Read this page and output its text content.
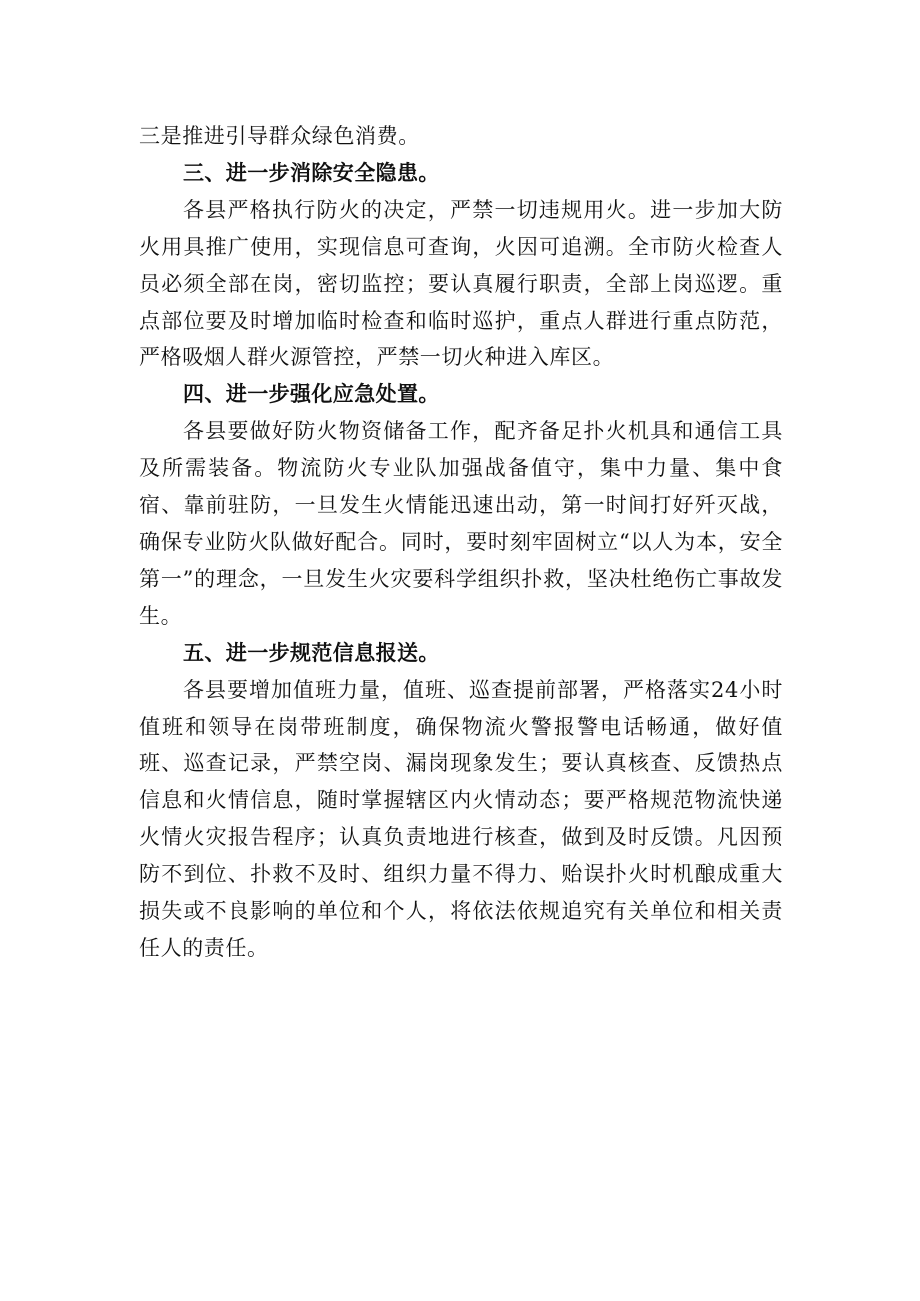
三是推进引导群众绿色消费。

三、进一步消除安全隐患。

各县严格执行防火的决定，严禁一切违规用火。进一步加大防火用具推广使用，实现信息可查询，火因可追溯。全市防火检查人员必须全部在岗，密切监控；要认真履行职责，全部上岗巡逻。重点部位要及时增加临时检查和临时巡护，重点人群进行重点防范，严格吸烟人群火源管控，严禁一切火种进入库区。

四、进一步强化应急处置。

各县要做好防火物资储备工作，配齐备足扑火机具和通信工具及所需装备。物流防火专业队加强战备值守，集中力量、集中食宿、靠前驻防，一旦发生火情能迅速出动，第一时间打好歼灭战，确保专业防火队做好配合。同时，要时刻牢固树立“以人为本，安全第一”的理念，一旦发生火灾要科学组织扑救，坚决杜绝伤亡事故发生。

五、进一步规范信息报送。

各县要增加值班力量，值班、巡查提前部署，严格落实24小时值班和领导在岗带班制度，确保物流火警报警电话畅通，做好值班、巡查记录，严禁空岗、漏岗现象发生；要认真核查、反馈热点信息和火情信息，随时掌握辖区内火情动态；要严格规范物流快递火情火灾报告程序；认真负责地进行核查，做到及时反馈。凡因预防不到位、扑救不及时、组织力量不得力、贻误扑火时机酿成重大损失或不良影响的单位和个人，将依法依规追究有关单位和相关责任人的责任。
